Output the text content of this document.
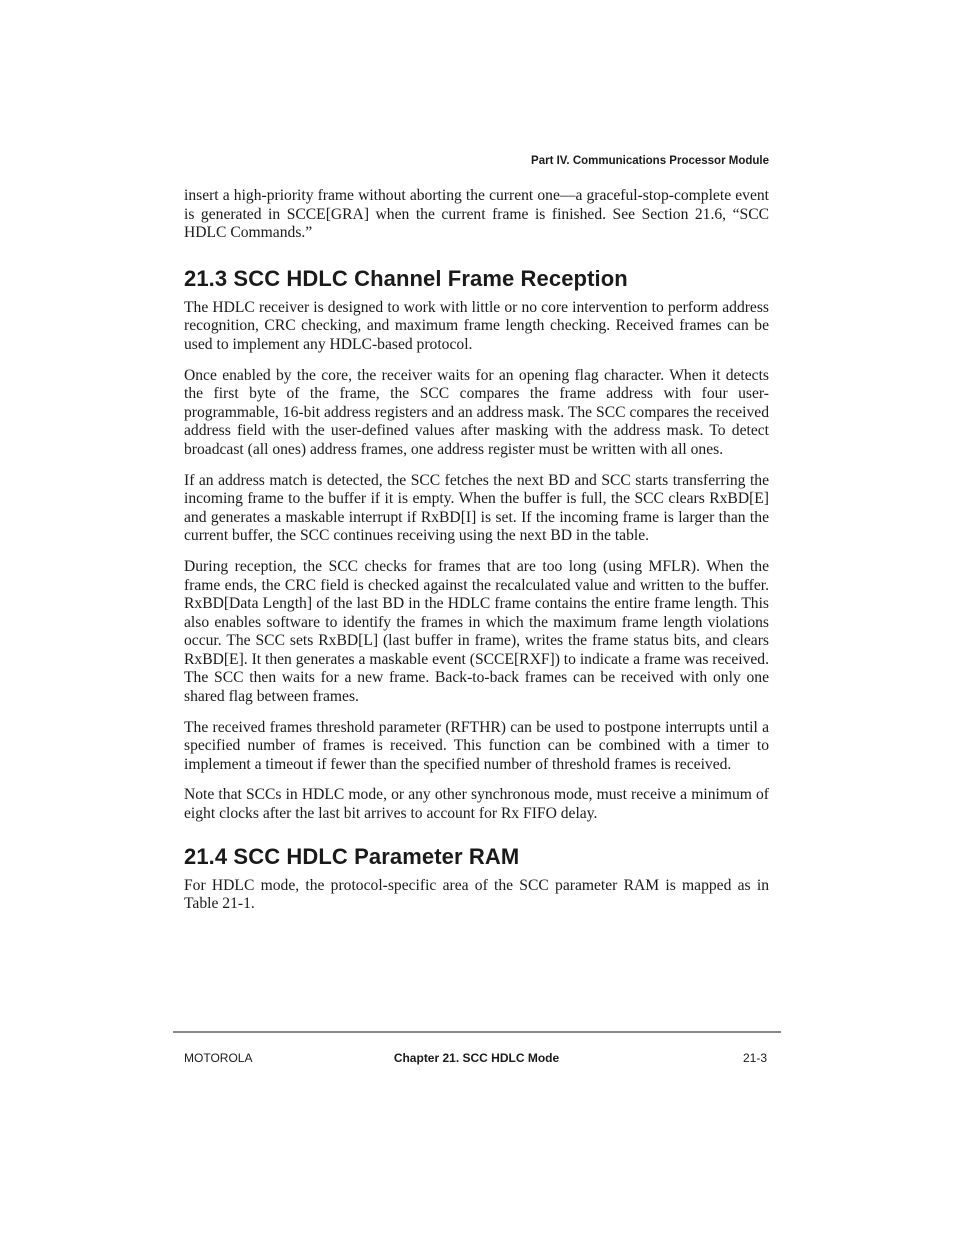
Part IV. Communications Processor Module

insert a high-priority frame without aborting the current one—a graceful-stop-complete event is generated in SCCE[GRA] when the current frame is finished. See Section 21.6, “SCC HDLC Commands.”

21.3 SCC HDLC Channel Frame Reception

The HDLC receiver is designed to work with little or no core intervention to perform address recognition, CRC checking, and maximum frame length checking. Received frames can be used to implement any HDLC-based protocol.

Once enabled by the core, the receiver waits for an opening flag character. When it detects the first byte of the frame, the SCC compares the frame address with four user-programmable, 16-bit address registers and an address mask. The SCC compares the received address field with the user-defined values after masking with the address mask. To detect broadcast (all ones) address frames, one address register must be written with all ones.

If an address match is detected, the SCC fetches the next BD and SCC starts transferring the incoming frame to the buffer if it is empty. When the buffer is full, the SCC clears RxBD[E] and generates a maskable interrupt if RxBD[I] is set. If the incoming frame is larger than the current buffer, the SCC continues receiving using the next BD in the table.

During reception, the SCC checks for frames that are too long (using MFLR). When the frame ends, the CRC field is checked against the recalculated value and written to the buffer. RxBD[Data Length] of the last BD in the HDLC frame contains the entire frame length. This also enables software to identify the frames in which the maximum frame length violations occur. The SCC sets RxBD[L] (last buffer in frame), writes the frame status bits, and clears RxBD[E]. It then generates a maskable event (SCCE[RXF]) to indicate a frame was received. The SCC then waits for a new frame. Back-to-back frames can be received with only one shared flag between frames.

The received frames threshold parameter (RFTHR) can be used to postpone interrupts until a specified number of frames is received. This function can be combined with a timer to implement a timeout if fewer than the specified number of threshold frames is received.

Note that SCCs in HDLC mode, or any other synchronous mode, must receive a minimum of eight clocks after the last bit arrives to account for Rx FIFO delay.

21.4 SCC HDLC Parameter RAM

For HDLC mode, the protocol-specific area of the SCC parameter RAM is mapped as in Table 21-1.

MOTOROLA	Chapter 21. SCC HDLC Mode	21-3
